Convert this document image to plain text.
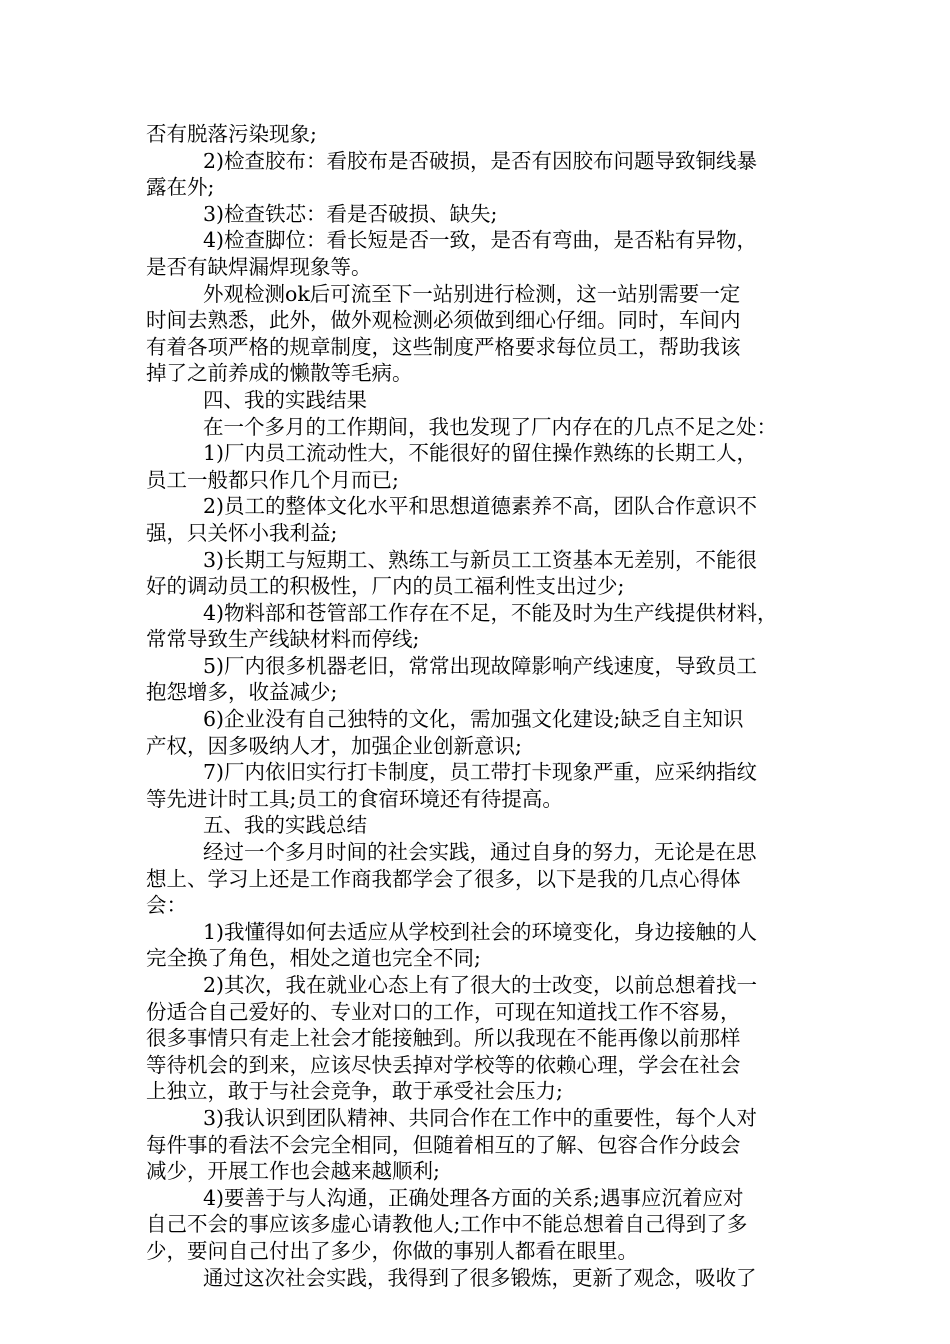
否有脱落污染现象;
2)检查胶布：看胶布是否破损，是否有因胶布问题导致铜线暴
露在外;
3)检查铁芯：看是否破损、缺失;
4)检查脚位：看长短是否一致，是否有弯曲，是否粘有异物，
是否有缺焊漏焊现象等。
外观检测ok后可流至下一站别进行检测，这一站别需要一定
时间去熟悉，此外，做外观检测必须做到细心仔细。同时，车间内
有着各项严格的规章制度，这些制度严格要求每位员工，帮助我该
掉了之前养成的懒散等毛病。
四、我的实践结果
在一个多月的工作期间，我也发现了厂内存在的几点不足之处：
1)厂内员工流动性大，不能很好的留住操作熟练的长期工人，
员工一般都只作几个月而已;
2)员工的整体文化水平和思想道德素养不高，团队合作意识不
强，只关怀小我利益;
3)长期工与短期工、熟练工与新员工工资基本无差别，不能很
好的调动员工的积极性，厂内的员工福利性支出过少;
4)物料部和苍管部工作存在不足，不能及时为生产线提供材料，
常常导致生产线缺材料而停线;
5)厂内很多机器老旧，常常出现故障影响产线速度，导致员工
抱怨增多，收益减少;
6)企业没有自己独特的文化，需加强文化建设;缺乏自主知识
产权，因多吸纳人才，加强企业创新意识;
7)厂内依旧实行打卡制度，员工带打卡现象严重，应采纳指纹
等先进计时工具;员工的食宿环境还有待提高。
五、我的实践总结
经过一个多月时间的社会实践，通过自身的努力，无论是在思
想上、学习上还是工作商我都学会了很多，以下是我的几点心得体
会：
1)我懂得如何去适应从学校到社会的环境变化，身边接触的人
完全换了角色，相处之道也完全不同;
2)其次，我在就业心态上有了很大的士改变，以前总想着找一
份适合自己爱好的、专业对口的工作，可现在知道找工作不容易，
很多事情只有走上社会才能接触到。所以我现在不能再像以前那样
等待机会的到来，应该尽快丢掉对学校等的依赖心理，学会在社会
上独立，敢于与社会竞争，敢于承受社会压力;
3)我认识到团队精神、共同合作在工作中的重要性，每个人对
每件事的看法不会完全相同，但随着相互的了解、包容合作分歧会
减少，开展工作也会越来越顺利;
4)要善于与人沟通，正确处理各方面的关系;遇事应沉着应对
自己不会的事应该多虚心请教他人;工作中不能总想着自己得到了多
少，要问自己付出了多少，你做的事别人都看在眼里。
通过这次社会实践，我得到了很多锻炼，更新了观念，吸收了
